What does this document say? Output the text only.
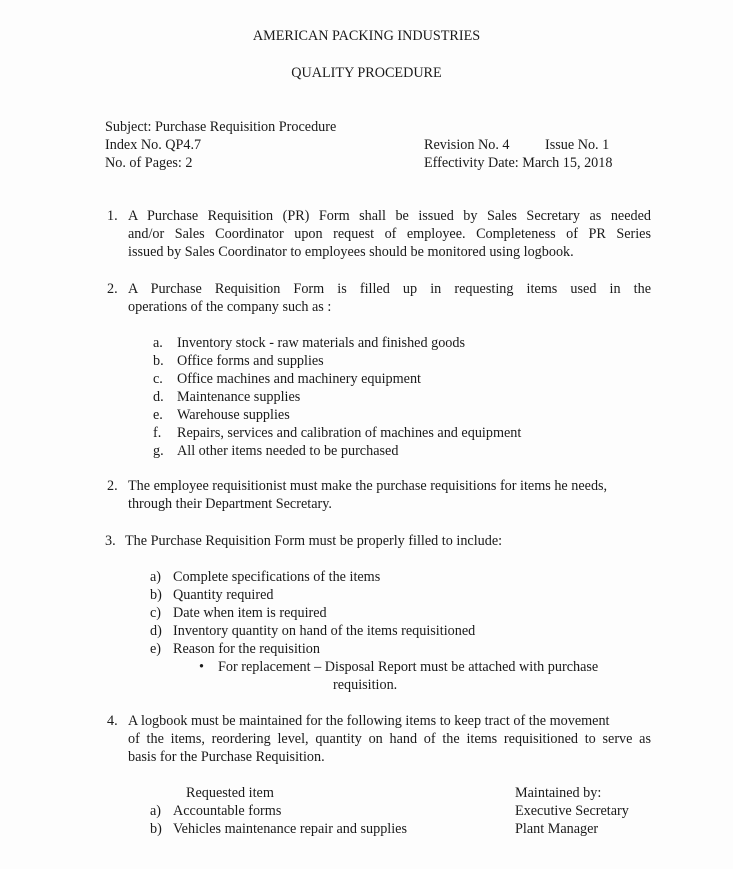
AMERICAN PACKING INDUSTRIES
QUALITY PROCEDURE
Subject: Purchase Requisition Procedure
Index No. QP4.7
No. of Pages: 2
Revision No. 4 Issue No. 1
Effectivity Date: March 15, 2018
1. A Purchase Requisition (PR) Form shall be issued by Sales Secretary as needed
and/or Sales Coordinator upon request of employee. Completeness of PR Series
issued by Sales Coordinator to employees should be monitored using logbook.
2. A Purchase Requisition Form is filled up in requesting items used in the
operations of the company such as :
a. Inventory stock - raw materials and finished goods
b. Office forms and supplies
c. Office machines and machinery equipment
d. Maintenance supplies
e. Warehouse supplies
f. Repairs, services and calibration of machines and equipment
g. All other items needed to be purchased
2. The employee requisitionist must make the purchase requisitions for items he needs,
through their Department Secretary.
3. The Purchase Requisition Form must be properly filled to include:
a) Complete specifications of the items
b) Quantity required
c) Date when item is required
d) Inventory quantity on hand of the items requisitioned
e) Reason for the requisition
• For replacement – Disposal Report must be attached with purchase
requisition.
4. A logbook must be maintained for the following items to keep tract of the movement
of the items, reordering level, quantity on hand of the items requisitioned to serve as
basis for the Purchase Requisition.
Requested item	Maintained by:
a) Accountable forms	Executive Secretary
b) Vehicles maintenance repair and supplies	Plant Manager
